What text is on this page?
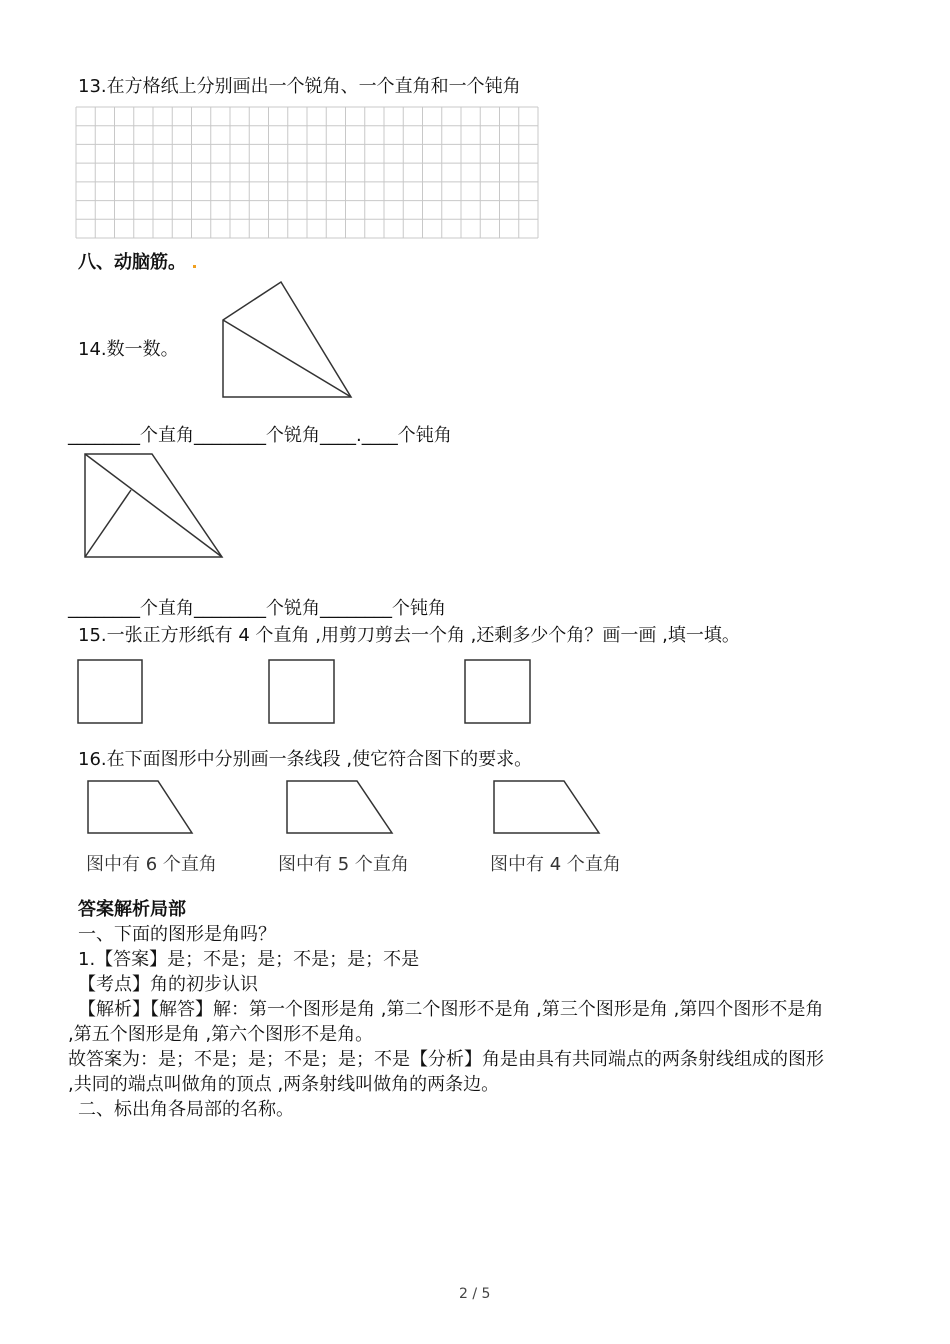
13.在方格纸上分别画出一个锐角、一个直角和一个钝角
八、动脑筋。
14.数一数。
________个直角________个锐角____.____个钝角
________个直角________个锐角________个钝角
15.一张正方形纸有 4 个直角 ,用剪刀剪去一个角 ,还剩多少个角？画一画 ,填一填。
16.在下面图形中分别画一条线段 ,使它符合图下的要求。
图中有 6 个直角	图中有 5 个直角	图中有 4 个直角
答案解析局部
一、下面的图形是角吗？
1.【答案】是；不是；是；不是；是；不是
【考点】角的初步认识
【解析】【解答】解：第一个图形是角 ,第二个图形不是角 ,第三个图形是角 ,第四个图形不是角
,第五个图形是角 ,第六个图形不是角。
故答案为：是；不是；是；不是；是；不是【分析】角是由具有共同端点的两条射线组成的图形
,共同的端点叫做角的顶点 ,两条射线叫做角的两条边。
二、标出角各局部的名称。
2 / 5
